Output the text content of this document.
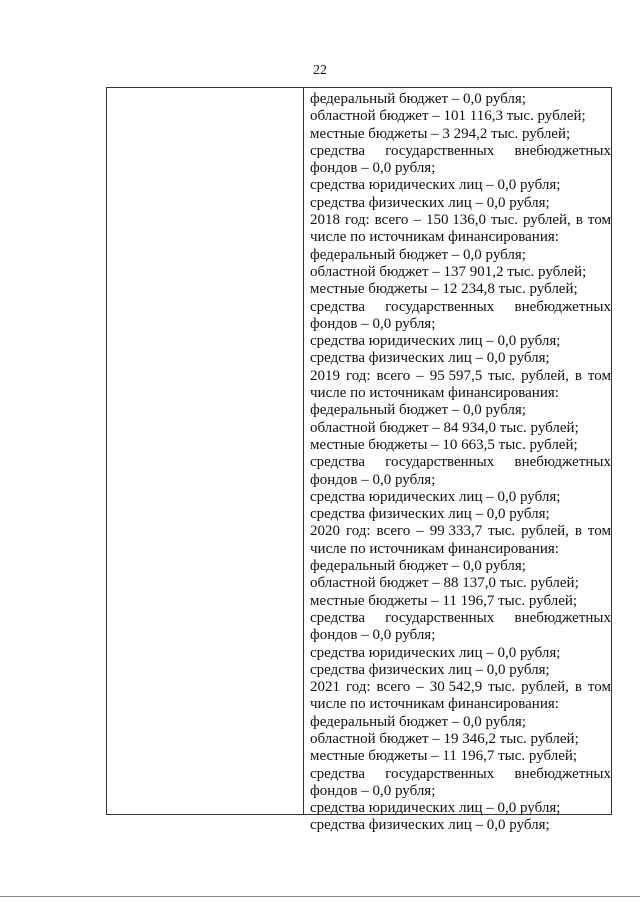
22
федеральный бюджет – 0,0 рубля;
областной бюджет – 101 116,3 тыс. рублей;
местные бюджеты – 3 294,2 тыс. рублей;
средства государственных внебюджетных
фондов – 0,0 рубля;
средства юридических лиц – 0,0 рубля;
средства физических лиц – 0,0 рубля;
2018 год: всего – 150 136,0 тыс. рублей, в том
числе по источникам финансирования:
федеральный бюджет – 0,0 рубля;
областной бюджет – 137 901,2 тыс. рублей;
местные бюджеты – 12 234,8 тыс. рублей;
средства государственных внебюджетных
фондов – 0,0 рубля;
средства юридических лиц – 0,0 рубля;
средства физических лиц – 0,0 рубля;
2019 год: всего – 95 597,5 тыс. рублей, в том
числе по источникам финансирования:
федеральный бюджет – 0,0 рубля;
областной бюджет – 84 934,0 тыс. рублей;
местные бюджеты – 10 663,5 тыс. рублей;
средства государственных внебюджетных
фондов – 0,0 рубля;
средства юридических лиц – 0,0 рубля;
средства физических лиц – 0,0 рубля;
2020 год: всего – 99 333,7 тыс. рублей, в том
числе по источникам финансирования:
федеральный бюджет – 0,0 рубля;
областной бюджет – 88 137,0 тыс. рублей;
местные бюджеты – 11 196,7 тыс. рублей;
средства государственных внебюджетных
фондов – 0,0 рубля;
средства юридических лиц – 0,0 рубля;
средства физических лиц – 0,0 рубля;
2021 год: всего – 30 542,9 тыс. рублей, в том
числе по источникам финансирования:
федеральный бюджет – 0,0 рубля;
областной бюджет – 19 346,2 тыс. рублей;
местные бюджеты – 11 196,7 тыс. рублей;
средства государственных внебюджетных
фондов – 0,0 рубля;
средства юридических лиц – 0,0 рубля;
средства физических лиц – 0,0 рубля;
